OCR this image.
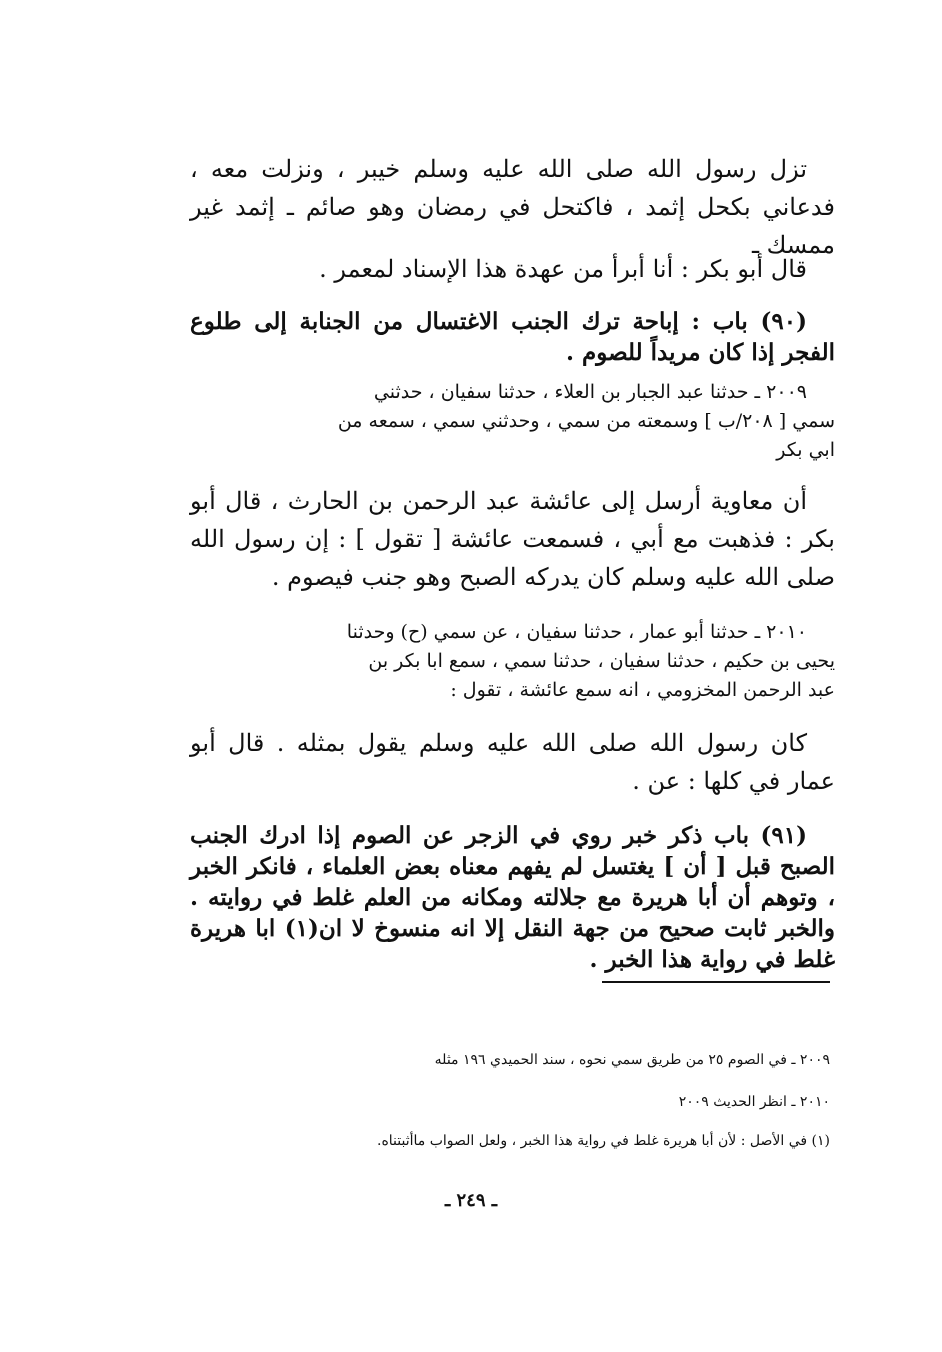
تزل رسول الله صلى الله عليه وسلم خيبر ، ونزلت معه ، فدعاني بكحل إثمد ، فاكتحل في رمضان وهو صائم ـ إثمد غير ممسك ـ

قال أبو بكر : أنا أبرأ من عهدة هذا الإسناد لمعمر .

(٩٠) باب : إباحة ترك الجنب الاغتسال من الجنابة إلى طلوع الفجر إذا كان مريداً للصوم .
٢٠٠٩ ـ حدثنا عبد الجبار بن العلاء ، حدثنا سفيان ، حدثني
سمي [ ٢٠٨/ب ] وسمعته من سمي ، وحدثني سمي ، سمعه من
ابي بكر

أن معاوية أرسل إلى عائشة عبد الرحمن بن الحارث ، قال أبو بكر : فذهبت مع أبي ، فسمعت عائشة [ تقول ] : إن رسول الله صلى الله عليه وسلم كان يدركه الصبح وهو جنب فيصوم .

٢٠١٠ ـ حدثنا أبو عمار ، حدثنا سفيان ، عن سمي (ح) وحدثنا
يحيى بن حكيم ، حدثنا سفيان ، حدثنا سمي ، سمع ابا بكر بن
عبد الرحمن المخزومي ، انه سمع عائشة ، تقول :

كان رسول الله صلى الله عليه وسلم يقول بمثله . قال أبو عمار في كلها : عن .

(٩١) باب ذكر خبر روي في الزجر عن الصوم إذا ادرك الجنب الصبح قبل [ أن ] يغتسل لم يفهم معناه بعض العلماء ، فانكر الخبر ، وتوهم أن أبا هريرة مع جلالته ومكانه من العلم غلط في روايته . والخبر ثابت صحيح من جهة النقل إلا انه منسوخ لا ان(١) ابا هريرة غلط في رواية هذا الخبر .
٢٠٠٩ ـ في الصوم ٢٥ من طريق سمي نحوه ، سند الحميدي ١٩٦ مثله
٢٠١٠ ـ انظر الحديث ٢٠٠٩
(١) في الأصل : لأن أبا هريرة غلط في رواية هذا الخبر ، ولعل الصواب ماأثبتناه.
ـ ٢٤٩ ـ
